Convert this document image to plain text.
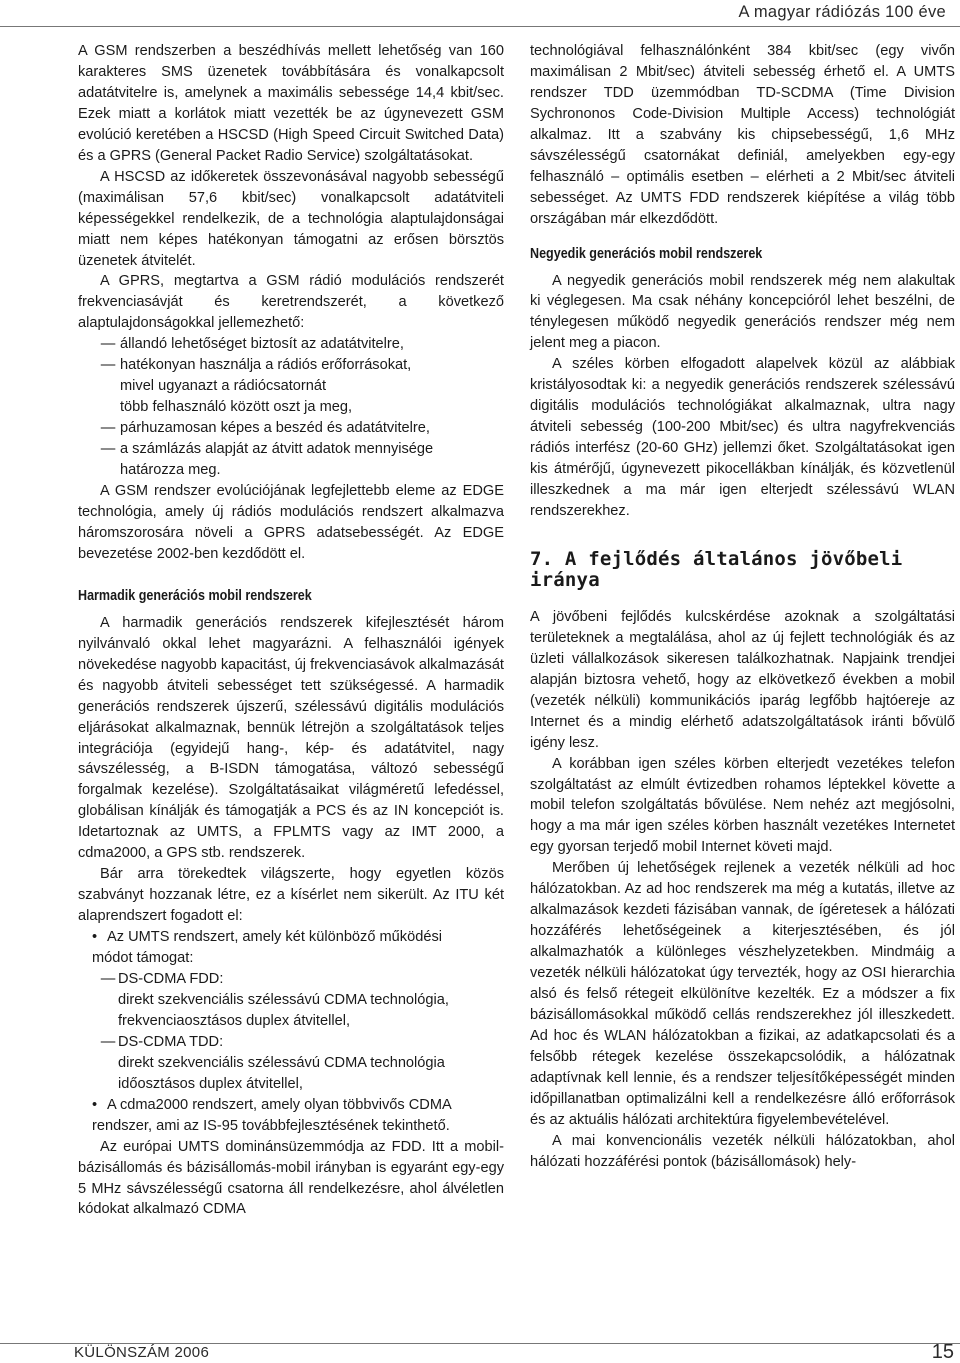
A magyar rádiózás 100 éve

A GSM rendszerben a beszédhívás mellett lehetőség van 160 karakteres SMS üzenetek továbbítására és vonalkapcsolt adatátvitelre is, amelynek a maximális sebessége 14,4 kbit/sec. Ezek miatt a korlátok miatt vezették be az úgynevezett GSM evolúció keretében a HSCSD (High Speed Circuit Switched Data) és a GPRS (General Packet Radio Service) szolgáltatásokat.

A HSCSD az időkeretek összevonásával nagyobb sebességű (maximálisan 57,6 kbit/sec) vonalkapcsolt adatátviteli képességekkel rendelkezik, de a technológia alaptulajdonságai miatt nem képes hatékonyan támogatni az erősen börsztös üzenetek átvitelét.

A GPRS, megtartva a GSM rádió modulációs rendszerét frekvenciasávját és keretrendszerét, a következő alaptulajdonságokkal jellemezhető:

— állandó lehetőséget biztosít az adatátvitelre,
— hatékonyan használja a rádiós erőforrásokat,
mivel ugyanazt a rádiócsatornát
több felhasználó között oszt ja meg,
— párhuzamosan képes a beszéd és adatátvitelre,
— a számlázás alapját az átvitt adatok mennyisége
határozza meg.

A GSM rendszer evolúciójának legfejlettebb eleme az EDGE technológia, amely új rádiós modulációs rendszert alkalmazva háromszorosára növeli a GPRS adatsebességét. Az EDGE bevezetése 2002-ben kezdődött el.

Harmadik generációs mobil rendszerek

A harmadik generációs rendszerek kifejlesztését három nyilvánvaló okkal lehet magyarázni. A felhasználói igények növekedése nagyobb kapacitást, új frekvenciasávok alkalmazását és nagyobb átviteli sebességet tett szükségessé. A harmadik generációs rendszerek újszerű, szélessávú digitális modulációs eljárásokat alkalmaznak, bennük létrejön a szolgáltatások teljes integrációja (egyidejű hang-, kép- és adatátvitel, nagy sávszélesség, a B-ISDN támogatása, változó sebességű forgalmak kezelése). Szolgáltatásaikat világméretű lefedéssel, globálisan kínálják és támogatják a PCS és az IN koncepciót is. Idetartoznak az UMTS, a FPLMTS vagy az IMT 2000, a cdma2000, a GPS stb. rendszerek.

Bár arra törekedtek világszerte, hogy egyetlen közös szabványt hozzanak létre, ez a kísérlet nem sikerült. Az ITU két alaprendszert fogadott el:

• Az UMTS rendszert, amely két különböző működési
módot támogat:
— DS-CDMA FDD:
direkt szekvenciális szélessávú CDMA technológia,
frekvenciaosztásos duplex átvitellel,
— DS-CDMA TDD:
direkt szekvenciális szélessávú CDMA technológia
időosztásos duplex átvitellel,
• A cdma2000 rendszert, amely olyan többvivős CDMA
rendszer, ami az IS-95 továbbfejlesztésének tekinthető.

Az európai UMTS dominánsüzemmódja az FDD. Itt a mobil-bázisállomás és bázisállomás-mobil irányban is egyaránt egy-egy 5 MHz sávszélességű csatorna áll rendelkezésre, ahol álvéletlen kódokat alkalmazó CDMA

technológiával felhasználónként 384 kbit/sec (egy vivőn maximálisan 2 Mbit/sec) átviteli sebesség érhető el. A UMTS rendszer TDD üzemmódban TD-SCDMA (Time Division Sychrononos Code-Division Multiple Access) technológiát alkalmaz. Itt a szabvány kis chipsebességű, 1,6 MHz sávszélességű csatornákat definiál, amelyekben egy-egy felhasználó – optimális esetben – elérheti a 2 Mbit/sec átviteli sebességet. Az UMTS FDD rendszerek kiépítése a világ több országában már elkezdődött.

Negyedik generációs mobil rendszerek

A negyedik generációs mobil rendszerek még nem alakultak ki véglegesen. Ma csak néhány koncepcióról lehet beszélni, de ténylegesen működő negyedik generációs rendszer még nem jelent meg a piacon.

A széles körben elfogadott alapelvek közül az alábbiak kristályosodtak ki: a negyedik generációs rendszerek szélessávú digitális modulációs technológiákat alkalmaznak, ultra nagy átviteli sebesség (100-200 Mbit/sec) és ultra nagyfrekvenciás rádiós interfész (20-60 GHz) jellemzi őket. Szolgáltatásokat igen kis átmérőjű, úgynevezett pikocellákban kínálják, és közvetlenül illeszkednek a ma már igen elterjedt szélessávú WLAN rendszerekhez.

7. A fejlődés általános jövőbeli iránya

A jövőbeni fejlődés kulcskérdése azoknak a szolgáltatási területeknek a megtalálása, ahol az új fejlett technológiák és az üzleti vállalkozások sikeresen találkozhatnak. Napjaink trendjei alapján biztosra vehető, hogy az elkövetkező években a mobil (vezeték nélküli) kommunikációs iparág legfőbb hajtóereje az Internet és a mindig elérhető adatszolgáltatások iránti bővülő igény lesz.

A korábban igen széles körben elterjedt vezetékes telefon szolgáltatást az elmúlt évtizedben rohamos léptekkel követte a mobil telefon szolgáltatás bővülése. Nem nehéz azt megjósolni, hogy a ma már igen széles körben használt vezetékes Internetet egy gyorsan terjedő mobil Internet követi majd.

Merőben új lehetőségek rejlenek a vezeték nélküli ad hoc hálózatokban. Az ad hoc rendszerek ma még a kutatás, illetve az alkalmazások kezdeti fázisában vannak, de ígéretesek a hálózati hozzáférés lehetőségeinek a kiterjesztésében, és jól alkalmazhatók a különleges vészhelyzetekben. Mindmáig a vezeték nélküli hálózatokat úgy tervezték, hogy az OSI hierarchia alsó és felső rétegeit elkülönítve kezelték. Ez a módszer a fix bázisállomásokkal működő cellás rendszerekhez jól illeszkedett. Ad hoc és WLAN hálózatokban a fizikai, az adatkapcsolati és a felsőbb rétegek kezelése összekapcsolódik, a hálózatnak adaptívnak kell lennie, és a rendszer teljesítőképességét minden időpillanatban optimalizálni kell a rendelkezésre álló erőforrások és az aktuális hálózati architektúra figyelembevételével.

A mai konvencionális vezeték nélküli hálózatokban, ahol hálózati hozzáférési pontok (bázisállomások) hely-

KÜLÖNSZÁM 2006	15
